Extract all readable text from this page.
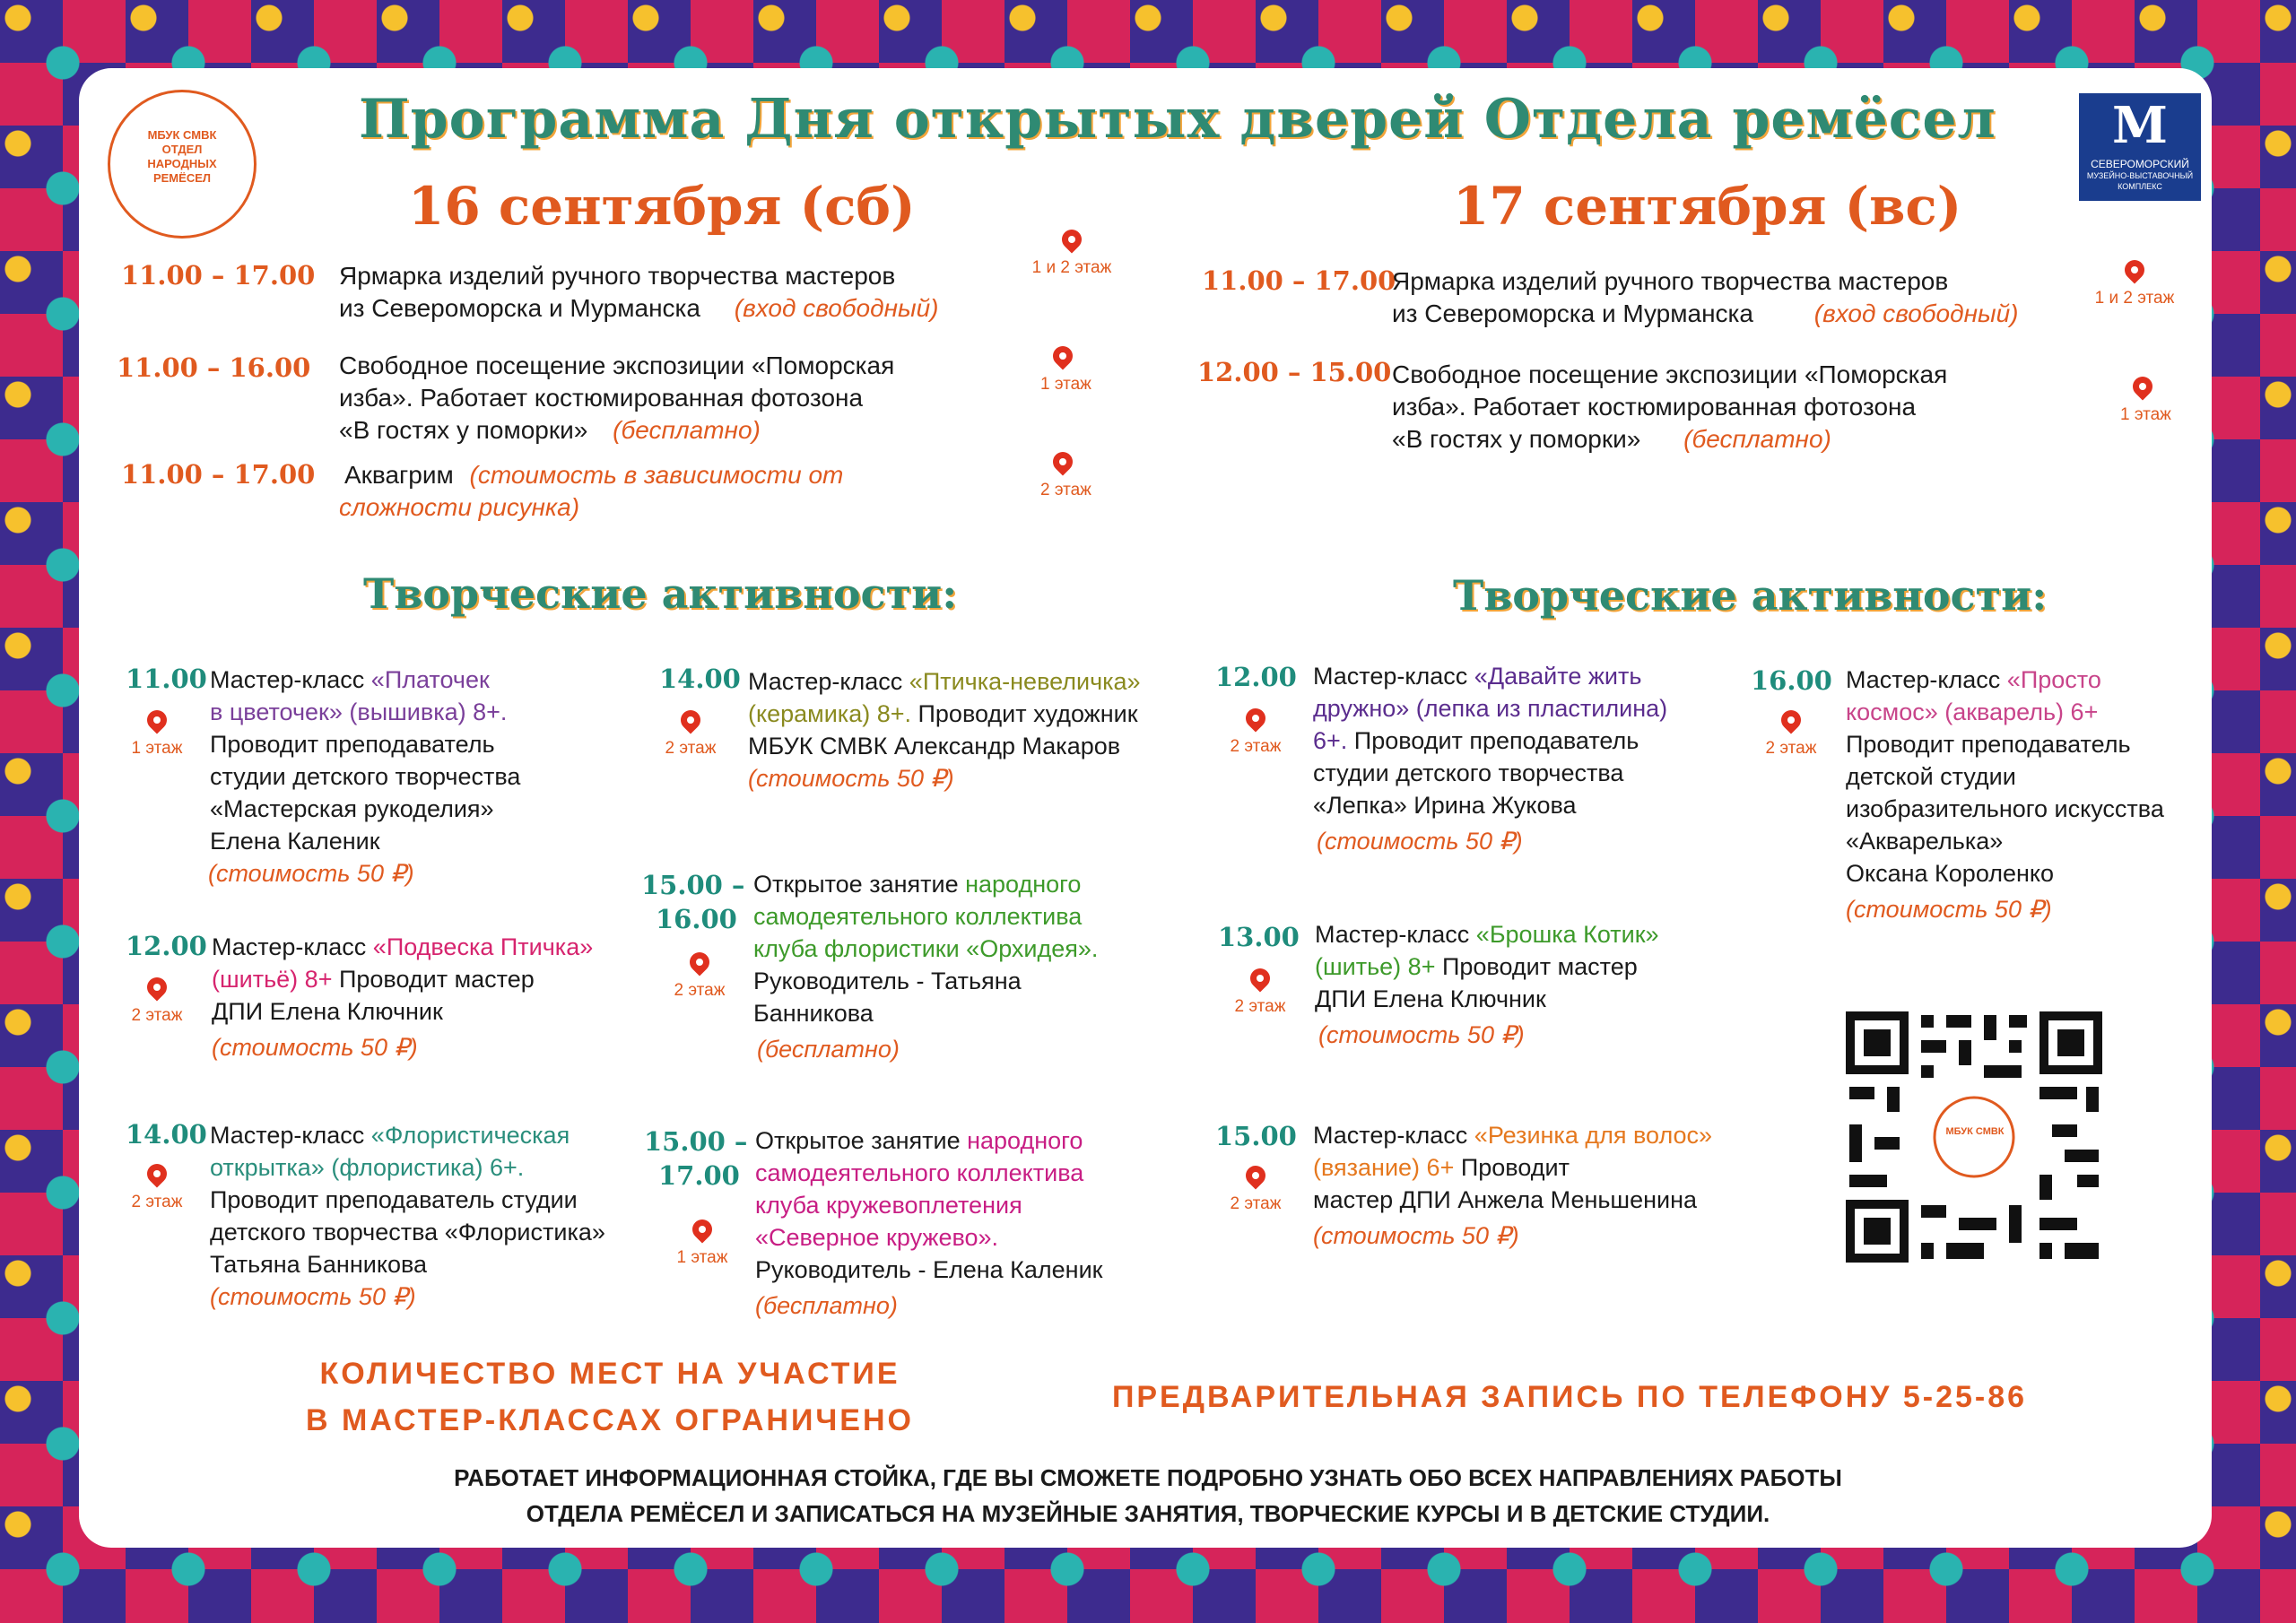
МБУК СМВК ОТДЕЛ НАРОДНЫХ РЕМЁСЕЛ
M
СЕВЕРОМОРСКИЙ
МУЗЕЙНО-ВЫСТАВОЧНЫЙ КОМПЛЕКС
Программа Дня открытых дверей Отдела ремёсел
16 сентября (сб)
11.00 – 17.00 Ярмарка изделий ручного творчества мастеров
из Североморска и Мурманска (вход свободный)
1 и 2 этаж
11.00 – 16.00 Свободное посещение экспозиции «Поморская
изба». Работает костюмированная фотозона
«В гостях у поморки» (бесплатно)
1 этаж
11.00 – 17.00 Аквагрим (стоимость в зависимости от
сложности рисунка)
2 этаж
17 сентября (вс)
11.00 – 17.00
Ярмарка изделий ручного творчества мастеров
из Североморска и Мурманска (вход свободный)
1 и 2 этаж
12.00 – 15.00 Свободное посещение экспозиции «Поморская
изба». Работает костюмированная фотозона
«В гостях у поморки» (бесплатно)
1 этаж
Творческие активности:	Творческие активности:
11.00
1 этаж
Мастер-класс «Платочек
в цветочек» (вышивка) 8+.
Проводит преподаватель
студии детского творчества
«Мастерская рукоделия»
Елена Каленик
(стоимость 50 ₽)
12.00
2 этаж
Мастер-класс «Подвеска Птичка»
(шитьё) 8+ Проводит мастер
ДПИ Елена Ключник
(стоимость 50 ₽)
14.00
2 этаж
Мастер-класс «Флористическая
открытка» (флористика) 6+.
Проводит преподаватель студии
детского творчества «Флористика»
Татьяна Банникова
(стоимость 50 ₽)
14.00
2 этаж
Мастер-класс «Птичка-невеличка»
(керамика) 8+. Проводит художник
МБУК СМВК Александр Макаров
(стоимость 50 ₽)
15.00 –
16.00
2 этаж
Открытое занятие народного
самодеятельного коллектива
клуба флористики «Орхидея».
Руководитель - Татьяна
Банникова
(бесплатно)
15.00 –
17.00
1 этаж
Открытое занятие народного
самодеятельного коллектива
клуба кружевоплетения
«Северное кружево».
Руководитель - Елена Каленик
(бесплатно)
12.00
2 этаж
Мастер-класс «Давайте жить
дружно» (лепка из пластилина)
6+. Проводит преподаватель
студии детского творчества
«Лепка» Ирина Жукова
(стоимость 50 ₽)
13.00
2 этаж
Мастер-класс «Брошка Котик»
(шитье) 8+ Проводит мастер
ДПИ Елена Ключник
(стоимость 50 ₽)
15.00
2 этаж
Мастер-класс «Резинка для волос»
(вязание) 6+ Проводит
мастер ДПИ Анжела Меньшенина
(стоимость 50 ₽)
16.00
2 этаж
Мастер-класс «Просто
космос» (акварель) 6+
Проводит преподаватель
детской студии
изобразительного искусства
«Акварелька»
Оксана Короленко
(стоимость 50 ₽)
МБУК СМВК
КОЛИЧЕСТВО МЕСТ НА УЧАСТИЕ
В МАСТЕР-КЛАССАХ ОГРАНИЧЕНО
ПРЕДВАРИТЕЛЬНАЯ ЗАПИСЬ ПО ТЕЛЕФОНУ 5-25-86
РАБОТАЕТ ИНФОРМАЦИОННАЯ СТОЙКА, ГДЕ ВЫ СМОЖЕТЕ ПОДРОБНО УЗНАТЬ ОБО ВСЕХ НАПРАВЛЕНИЯХ РАБОТЫ
ОТДЕЛА РЕМЁСЕЛ И ЗАПИСАТЬСЯ НА МУЗЕЙНЫЕ ЗАНЯТИЯ, ТВОРЧЕСКИЕ КУРСЫ И В ДЕТСКИЕ СТУДИИ.
